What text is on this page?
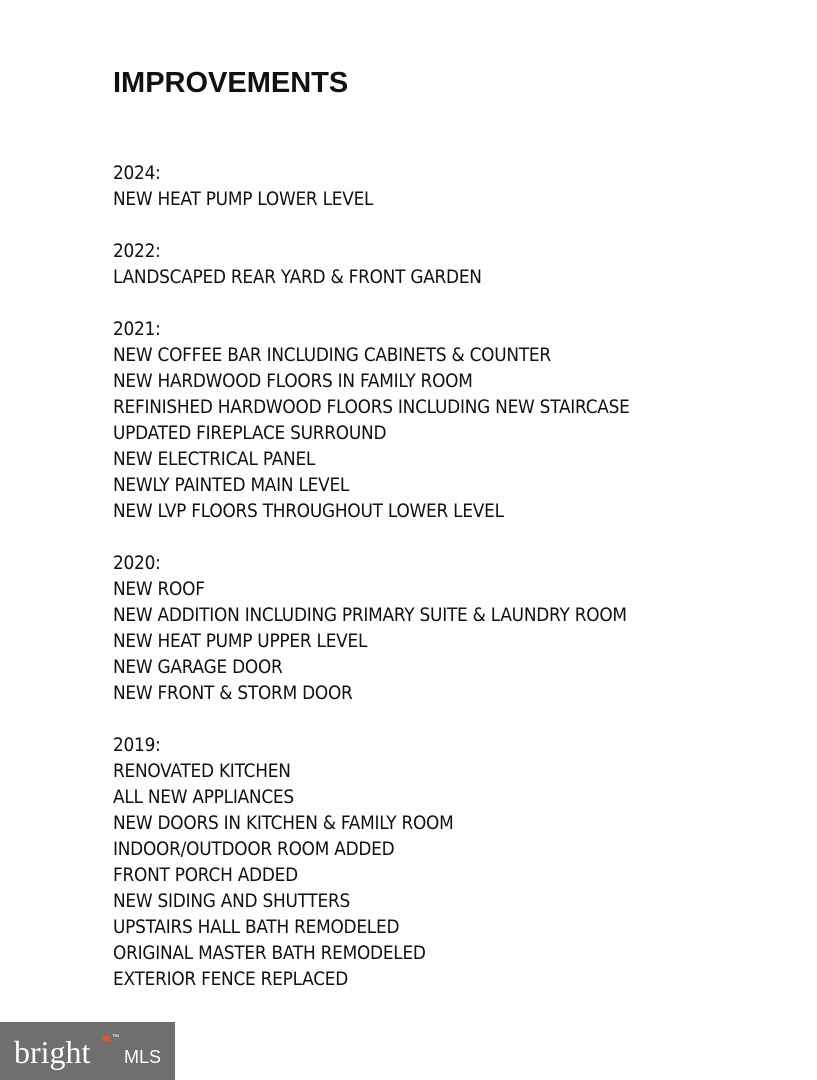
IMPROVEMENTS
2024:
NEW HEAT PUMP LOWER LEVEL
2022:
LANDSCAPED REAR YARD & FRONT GARDEN
2021:
NEW COFFEE BAR INCLUDING CABINETS & COUNTER
NEW HARDWOOD FLOORS IN FAMILY ROOM
REFINISHED HARDWOOD FLOORS INCLUDING NEW STAIRCASE
UPDATED FIREPLACE SURROUND
NEW ELECTRICAL PANEL
NEWLY PAINTED MAIN LEVEL
NEW LVP FLOORS THROUGHOUT LOWER LEVEL
2020:
NEW ROOF
NEW ADDITION INCLUDING PRIMARY SUITE & LAUNDRY ROOM
NEW HEAT PUMP UPPER LEVEL
NEW GARAGE DOOR
NEW FRONT & STORM DOOR
2019:
RENOVATED KITCHEN
ALL NEW APPLIANCES
NEW DOORS IN KITCHEN & FAMILY ROOM
INDOOR/OUTDOOR ROOM ADDED
FRONT PORCH ADDED
NEW SIDING AND SHUTTERS
UPSTAIRS HALL BATH REMODELED
ORIGINAL MASTER BATH REMODELED
EXTERIOR FENCE REPLACED
bright	™
MLS
